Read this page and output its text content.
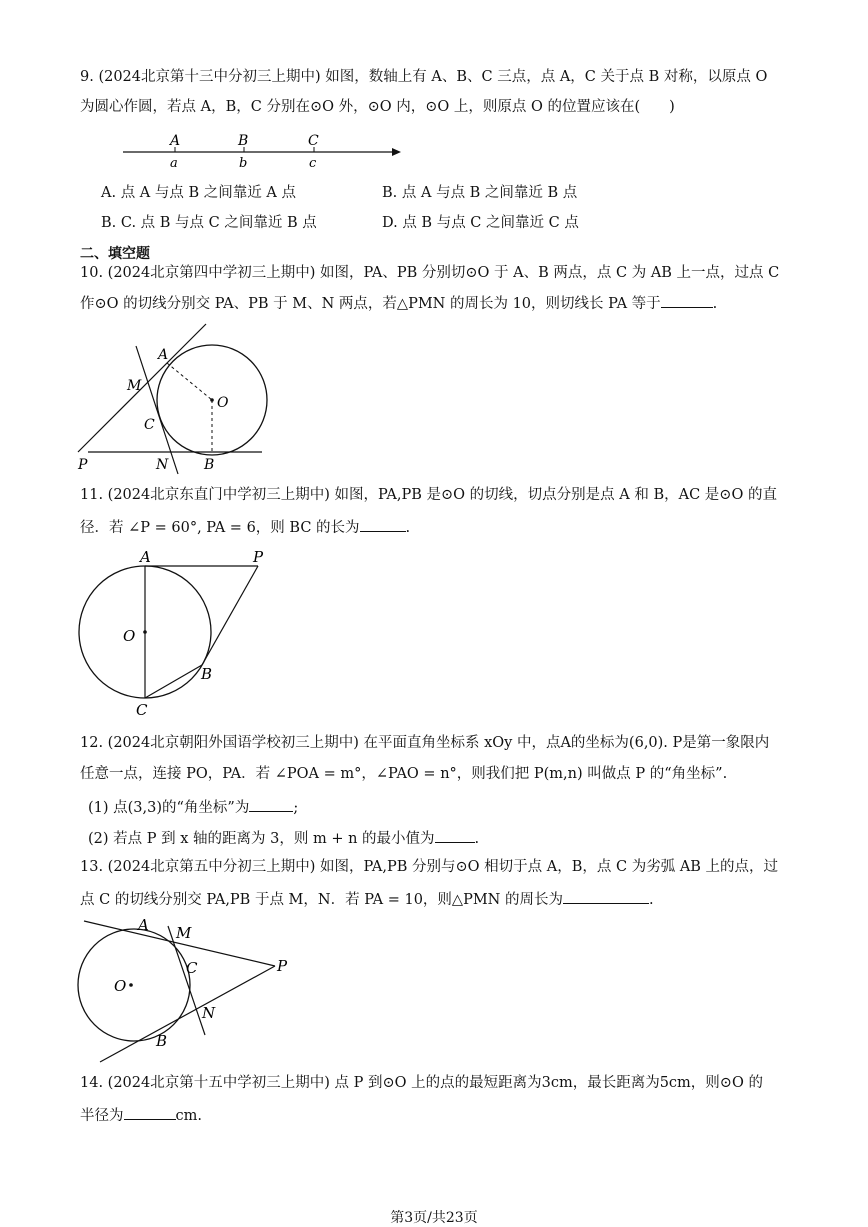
9. (2024北京第十三中分初三上期中) 如图，数轴上有 A、B、C 三点，点 A，C 关于点 B 对称，以原点 O
为圆心作圆，若点 A，B，C 分别在⊙O 外，⊙O 内，⊙O 上，则原点 O 的位置应该在(　　)
A	B	C
a	b	c
A. 点 A 与点 B 之间靠近 A 点	B. 点 A 与点 B 之间靠近 B 点
B. C. 点 B 与点 C 之间靠近 B 点	D. 点 B 与点 C 之间靠近 C 点
二、填空题
10. (2024北京第四中学初三上期中) 如图，PA、PB 分别切⊙O 于 A、B 两点，点 C 为 AB 上一点，过点 C
作⊙O 的切线分别交 PA、PB 于 M、N 两点，若△PMN 的周长为 10，则切线长 PA 等于	.
A
M
O
C
P	N	B
11. (2024北京东直门中学初三上期中) 如图，PA,PB 是⊙O 的切线，切点分别是点 A 和 B，AC 是⊙O 的直
径．若 ∠P = 60°, PA = 6，则 BC 的长为	.
A	P
O
B
C
12. (2024北京朝阳外国语学校初三上期中) 在平面直角坐标系 xOy 中，点A的坐标为(6,0). P是第一象限内
任意一点，连接 PO，PA．若 ∠POA = m°，∠PAO = n°，则我们把 P(m,n) 叫做点 P 的“角坐标”.
(1) 点(3,3)的“角坐标”为	;
(2) 若点 P 到 x 轴的距离为 3，则 m + n 的最小值为	.
13. (2024北京第五中分初三上期中) 如图，PA,PB 分别与⊙O 相切于点 A，B，点 C 为劣弧 AB 上的点，过
点 C 的切线分别交 PA,PB 于点 M，N．若 PA = 10，则△PMN 的周长为	.
A M
C	P
O
N
B
14. (2024北京第十五中学初三上期中) 点 P 到⊙O 上的点的最短距离为3cm，最长距离为5cm，则⊙O 的
半径为	cm.
第3页/共23页
